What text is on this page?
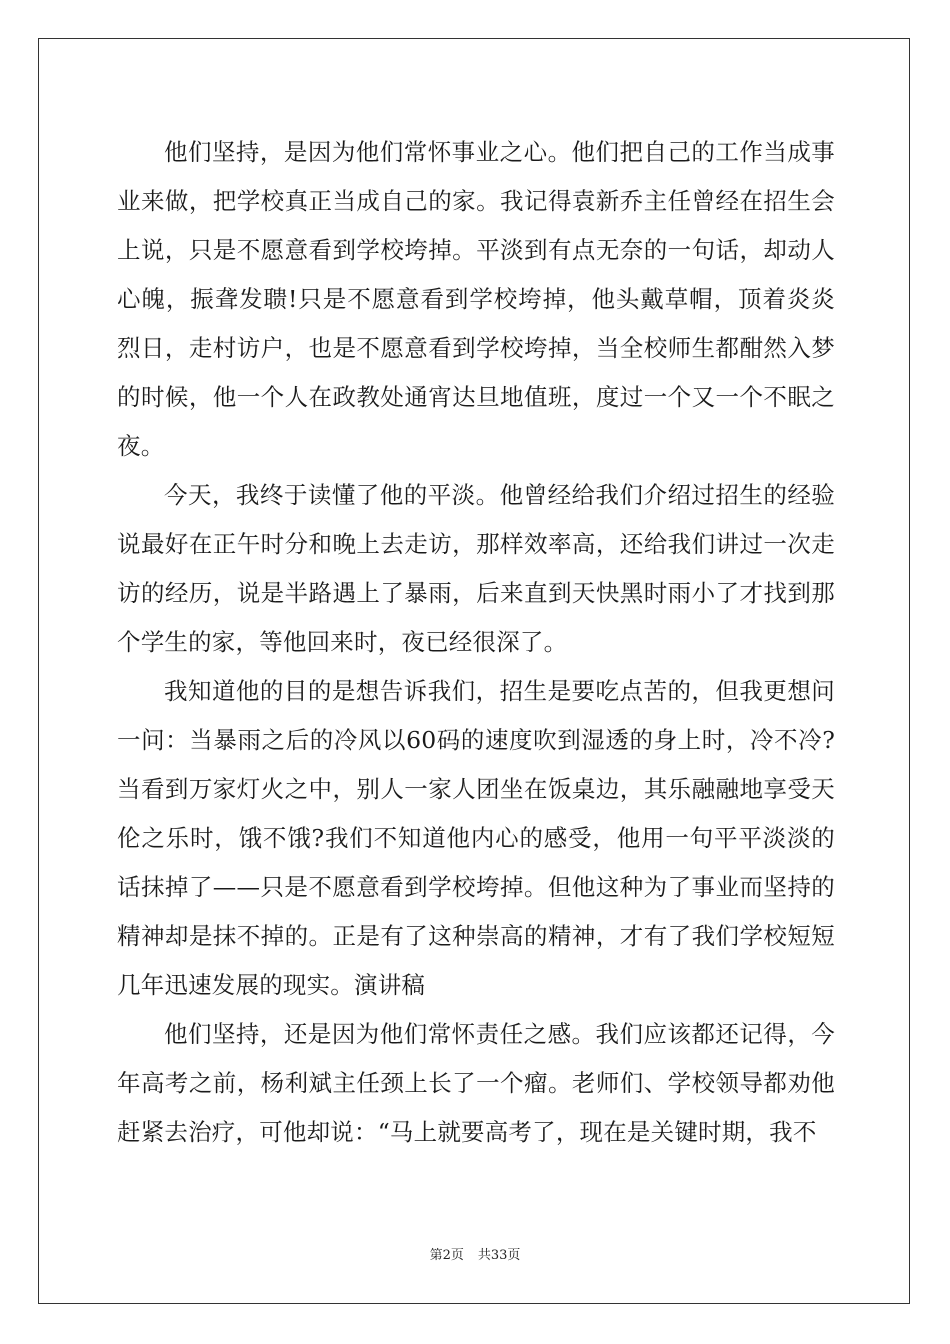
他们坚持，是因为他们常怀事业之心。他们把自己的工作当成事业来做，把学校真正当成自己的家。我记得袁新乔主任曾经在招生会上说，只是不愿意看到学校垮掉。平淡到有点无奈的一句话，却动人心魄，振聋发聩!只是不愿意看到学校垮掉，他头戴草帽，顶着炎炎烈日，走村访户，也是不愿意看到学校垮掉，当全校师生都酣然入梦的时候，他一个人在政教处通宵达旦地值班，度过一个又一个不眠之夜。

今天，我终于读懂了他的平淡。他曾经给我们介绍过招生的经验说最好在正午时分和晚上去走访，那样效率高，还给我们讲过一次走访的经历，说是半路遇上了暴雨，后来直到天快黑时雨小了才找到那个学生的家，等他回来时，夜已经很深了。

我知道他的目的是想告诉我们，招生是要吃点苦的，但我更想问一问：当暴雨之后的冷风以60码的速度吹到湿透的身上时，冷不冷?当看到万家灯火之中，别人一家人团坐在饭桌边，其乐融融地享受天伦之乐时，饿不饿?我们不知道他内心的感受，他用一句平平淡淡的话抹掉了——只是不愿意看到学校垮掉。但他这种为了事业而坚持的精神却是抹不掉的。正是有了这种崇高的精神，才有了我们学校短短几年迅速发展的现实。演讲稿

他们坚持，还是因为他们常怀责任之感。我们应该都还记得，今年高考之前，杨利斌主任颈上长了一个瘤。老师们、学校领导都劝他赶紧去治疗，可他却说：“马上就要高考了，现在是关键时期，我不

第2页 共33页
